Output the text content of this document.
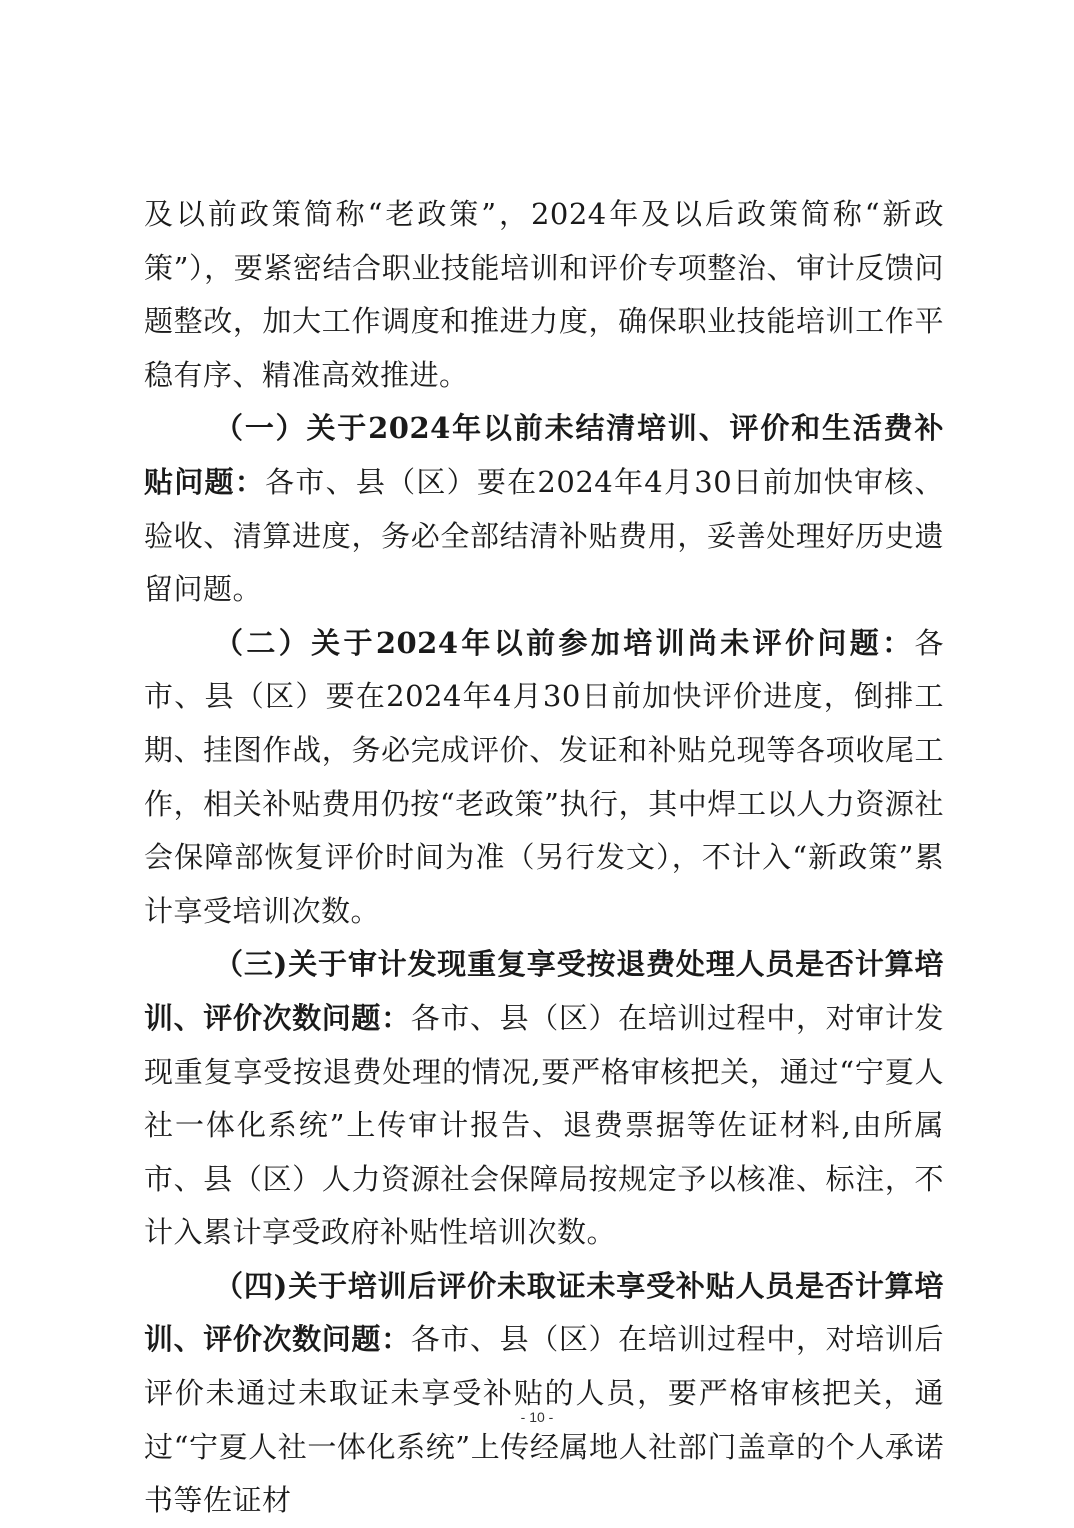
及以前政策简称“老政策”，2024年及以后政策简称“新政策”），要紧密结合职业技能培训和评价专项整治、审计反馈问题整改，加大工作调度和推进力度，确保职业技能培训工作平稳有序、精准高效推进。

（一）关于2024年以前未结清培训、评价和生活费补贴问题：各市、县（区）要在2024年4月30日前加快审核、验收、清算进度，务必全部结清补贴费用，妥善处理好历史遗留问题。

（二）关于2024年以前参加培训尚未评价问题：各市、县（区）要在2024年4月30日前加快评价进度，倒排工期、挂图作战，务必完成评价、发证和补贴兑现等各项收尾工作，相关补贴费用仍按“老政策”执行，其中焊工以人力资源社会保障部恢复评价时间为准（另行发文），不计入“新政策”累计享受培训次数。

（三)关于审计发现重复享受按退费处理人员是否计算培训、评价次数问题：各市、县（区）在培训过程中，对审计发现重复享受按退费处理的情况,要严格审核把关，通过“宁夏人社一体化系统”上传审计报告、退费票据等佐证材料,由所属市、县（区）人力资源社会保障局按规定予以核准、标注，不计入累计享受政府补贴性培训次数。

（四)关于培训后评价未取证未享受补贴人员是否计算培训、评价次数问题：各市、县（区）在培训过程中，对培训后评价未通过未取证未享受补贴的人员，要严格审核把关，通过“宁夏人社一体化系统”上传经属地人社部门盖章的个人承诺书等佐证材

- 10 -
